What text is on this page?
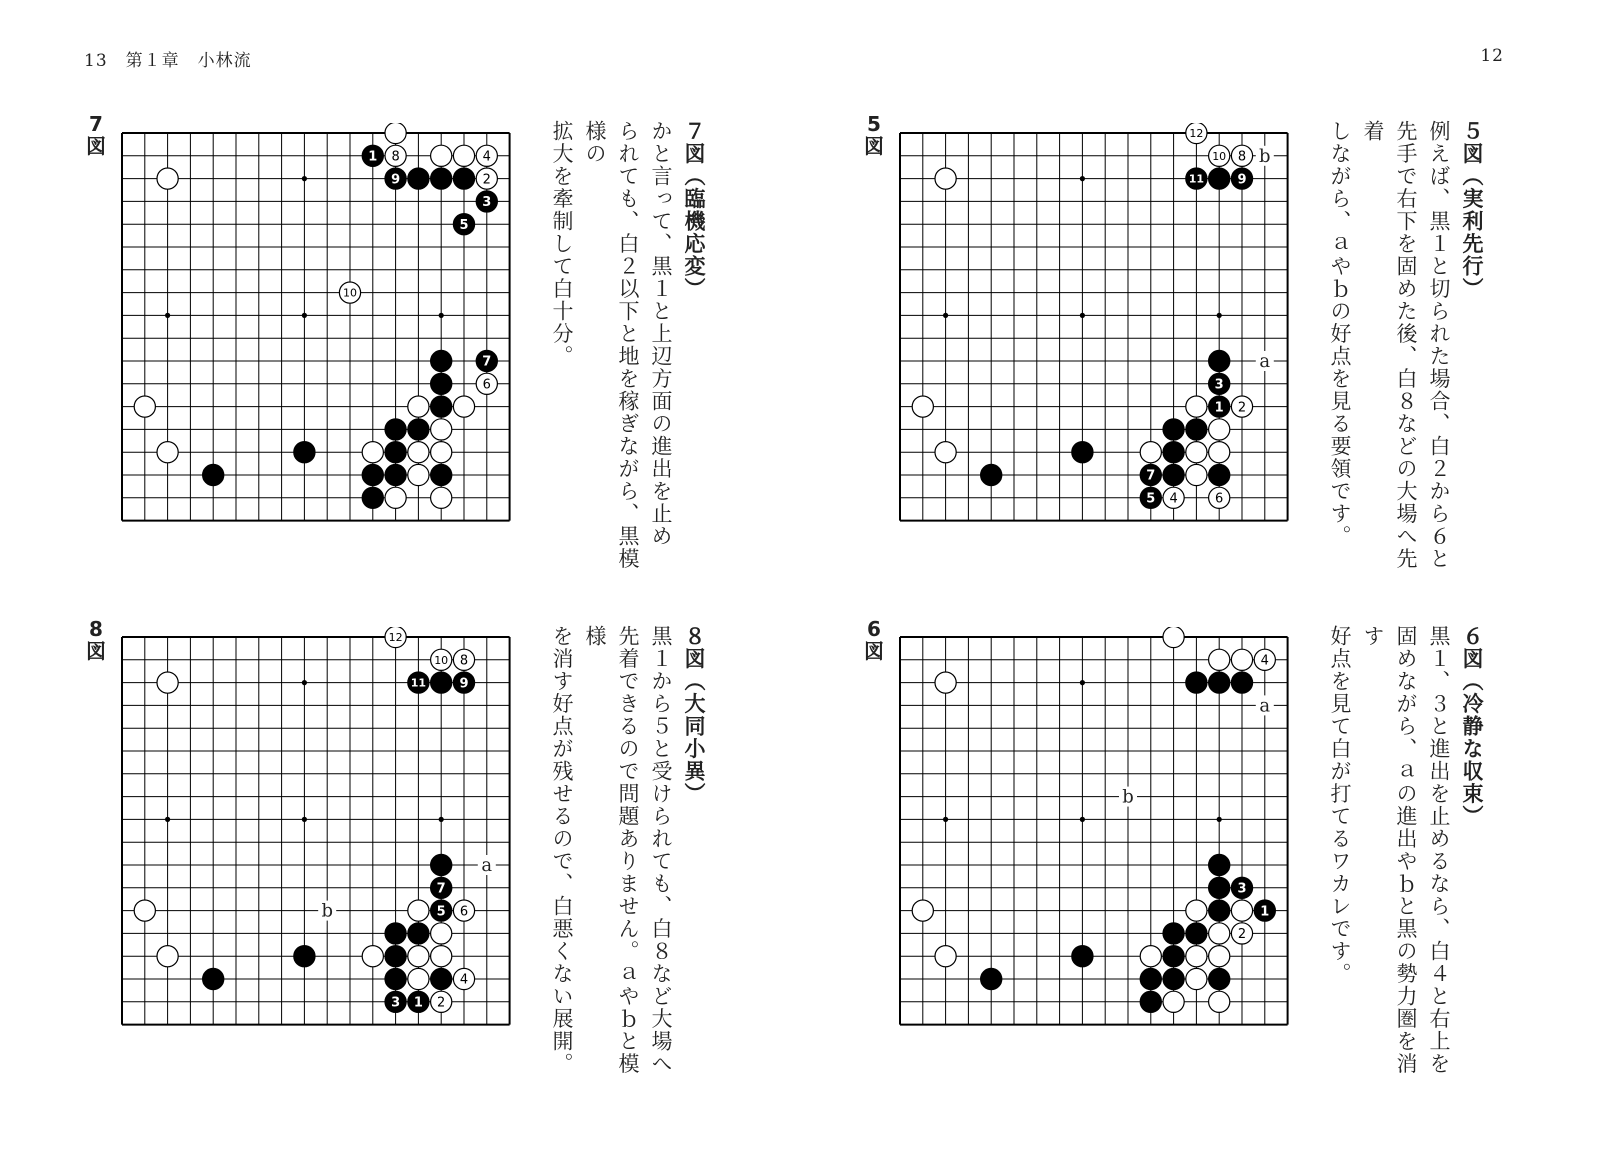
13　第１章　小林流	12
7
図	1 8	4
9	2
3
5
10
7
6
７図（臨機応変）
かと言って、黒１と上辺方面の進出を止め
られても、白２以下と地を稼ぎながら、黒模様の
拡大を牽制して白十分。	5
図	b
a
12
10 8
11	9
3
1 2
7
5 4	6
５図（実利先行）
例えば、黒１と切られた場合、白２から６と
先手で右下を固めた後、白８などの大場へ先着
しながら、ａやｂの好点を見る要領です。
8
図
a
b
12
10 8
11	9
7
5 6
4
3 1 2
８図（大同小異）
黒１から５と受けられても、白８など大場へ
先着できるので問題ありません。ａやｂと模様
を消す好点が残せるので、白悪くない展開。	6
図
a
b
4
3
1
2
６図（冷静な収束）
黒１、３と進出を止めるなら、白４と右上を
固めながら、ａの進出やｂと黒の勢力圏を消す
好点を見て白が打てるワカレです。
